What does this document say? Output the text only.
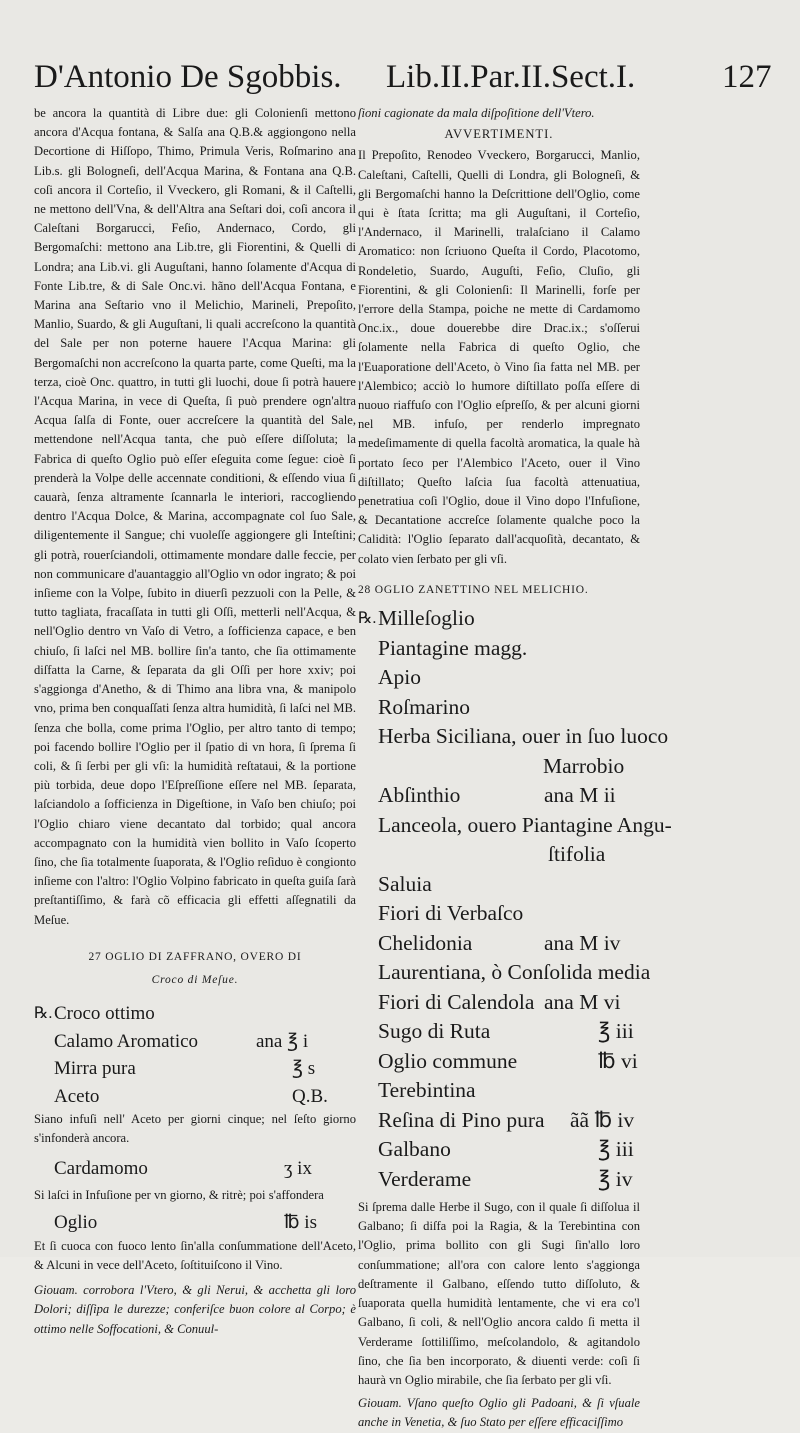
D'Antonio De Sgobbis. Lib.II.Par.II.Sect.I.	127

be ancora la quantità di Libre due: gli Colonienſi mettono ancora d'Acqua fontana, & Salſa ana Q.B.& aggiongono nella Decortione di Hiſſopo, Thimo, Primula Veris, Roſmarino ana Lib.s. gli Bologneſi, dell'Acqua Marina, & Fontana ana Q.B. coſi ancora il Corteſio, il Vveckero, gli Romani, & il Caſtelli, ne mettono dell'Vna, & dell'Altra ana Seſtari doi, coſi ancora il Caleſtani Borgarucci, Feſio, Andernaco, Cordo, gli Bergomaſchi: mettono ana Lib.tre, gli Fiorentini, & Quelli di Londra; ana Lib.vi. gli Auguſtani, hanno ſolamente d'Acqua di Fonte Lib.tre, & di Sale Onc.vi. hãno dell'Acqua Fontana, e Marina ana Seſtario vno il Melichio, Marineli, Prepoſito, Manlio, Suardo, & gli Auguſtani, li quali accreſcono la quantità del Sale per non poterne hauere l'Acqua Marina: gli Bergomaſchi non accreſcono la quarta parte, come Queſti, ma la terza, cioè Onc. quattro, in tutti gli luochi, doue ſi potrà hauere l'Acqua Marina, in vece di Queſta, ſi può prendere ogn'altra Acqua ſalſa di Fonte, ouer accreſcere la quantità del Sale, mettendone nell'Acqua tanta, che può eſſere diſſoluta; la Fabrica di queſto Oglio può eſſer eſeguita come ſegue: cioè ſi prenderà la Volpe delle accennate conditioni, & eſſendo viua ſi cauarà, ſenza altramente ſcannarla le interiori, raccogliendo dentro l'Acqua Dolce, & Marina, accompagnate col ſuo Sale, diligentemente il Sangue; chi vuoleſſe aggiongere gli Inteſtini; gli potrà, rouerſciandoli, ottimamente mondare dalle feccie, per non communicare d'auantaggio all'Oglio vn odor ingrato; & poi inſieme con la Volpe, ſubito in diuerſi pezzuoli con la Pelle, & tutto tagliata, fracaſſata in tutti gli Oſſi, metterli nell'Acqua, & nell'Oglio dentro vn Vaſo di Vetro, a ſofficienza capace, e ben chiuſo, ſi laſci nel MB. bollire ſin'a tanto, che ſia ottimamente diſfatta la Carne, & ſeparata da gli Oſſi per hore xxiv; poi s'aggionga d'Anetho, & di Thimo ana libra vna, & manipolo vno, prima ben conquaſſati ſenza altra humidità, ſi laſci nel MB. ſenza che bolla, come prima l'Oglio, per altro tanto di tempo; poi facendo bollire l'Oglio per il ſpatio di vn hora, ſi ſprema ſi coli, & ſi ſerbi per gli vſi: la humidità reſtataui, & la portione più torbida, deue dopo l'Eſpreſſione eſſere nel MB. ſeparata, laſciandolo a ſofficienza in Digeſtione, in Vaſo ben chiuſo; poi l'Oglio chiaro viene decantato dal torbido; qual ancora accompagnato con la humidità vien bollito in Vaſo ſcoperto ſino, che ſia totalmente ſuaporata, & l'Oglio reſiduo è congionto inſieme con l'altro: l'Oglio Volpino fabricato in queſta guiſa ſarà preſtantiſſimo, & farà cõ efficacia gli effetti aſſegnatili da Meſue.

27 OGLIO DI ZAFFRANO, OVERO DI
Croco di Meſue.
℞. Croco ottimo
Calamo Aromatico	ana ℥ i
Mirra pura	℥ s
Aceto	Q.B.

Siano infuſi nell' Aceto per giorni cinque; nel ſeſto giorno s'infonderà ancora.

Cardamomo	ʒ ix

Si laſci in Infuſione per vn giorno, & ritrè; poi s'affondera

Oglio	℔ is

Et ſi cuoca con fuoco lento ſin'alla conſummatione dell'Aceto, & Alcuni in vece dell'Aceto, ſoſtituiſcono il Vino.

Giouam. corrobora l'Vtero, & gli Nerui, & acchetta gli loro Dolori; diſſipa le durezze; conferiſce buon colore al Corpo; è ottimo nelle Soffocationi, & Conuul-

ſioni cagionate da mala diſpoſitione dell'Vtero.

AVVERTIMENTI.

Il Prepoſito, Renodeo Vveckero, Borgarucci, Manlio, Caleſtani, Caſtelli, Quelli di Londra, gli Bologneſi, & gli Bergomaſchi hanno la Deſcrittione dell'Oglio, come qui è ſtata ſcritta; ma gli Auguſtani, il Corteſio, l'Andernaco, il Marinelli, tralaſciano il Calamo Aromatico: non ſcriuono Queſta il Cordo, Placotomo, Rondeletio, Suardo, Auguſti, Feſio, Cluſio, gli Fiorentini, & gli Colonienſi: Il Marinelli, forſe per l'errore della Stampa, poiche ne mette di Cardamomo Onc.ix., doue douerebbe dire Drac.ix.; s'oſſerui ſolamente nella Fabrica di queſto Oglio, che l'Euaporatione dell'Aceto, ò Vino ſia fatta nel MB. per l'Alembico; acciò lo humore diſtillato poſſa eſſere di nuouo riaffuſo con l'Oglio eſpreſſo, & per alcuni giorni nel MB. infuſo, per renderlo impregnato medeſimamente di quella facoltà aromatica, la quale hà portato ſeco per l'Alembico l'Aceto, ouer il Vino diſtillato; Queſto laſcia ſua facoltà attenuatiua, penetratiua coſi l'Oglio, doue il Vino dopo l'Infuſione, & Decantatione accreſce ſolamente qualche poco la Calidità: l'Oglio ſeparato dall'acquoſità, decantato, & colato vien ſerbato per gli vſi.

28 OGLIO ZANETTINO NEL MELICHIO.
℞. Milleſoglio
Piantagine magg.
Apio
Roſmarino
Herba Siciliana, ouer in ſuo luoco
Marrobio
Abſinthio	ana M ii
Lanceola, ouero Piantagine Angu-
ſtifolia
Saluia
Fiori di Verbaſco
Chelidonia	ana M iv
Laurentiana, ò Conſolida media
Fiori di Calendola ana M vi
Sugo di Ruta	℥ iii
Oglio commune	℔ vi
Terebintina
Reſina di Pino pura ãã ℔ iv
Galbano	℥ iii
Verderame	℥ iv

Si ſprema dalle Herbe il Sugo, con il quale ſi diſſolua il Galbano; ſi diſfa poi la Ragia, & la Terebintina con l'Oglio, prima bollito con gli Sugi ſin'allo loro conſummatione; all'ora con calore lento s'aggionga deſtramente il Galbano, eſſendo tutto diſſoluto, & ſuaporata quella humidità lentamente, che vi era co'l Galbano, ſi coli, & nell'Oglio ancora caldo ſi metta il Verderame ſottiliſſimo, meſcolandolo, & agitandolo ſino, che ſia ben incorporato, & diuenti verde: coſi ſi haurà vn Oglio mirabile, che ſia ſerbato per gli vſi.

Giouam. Vſano queſto Oglio gli Padoani, & ſi vſuale anche in Venetia, & ſuo Stato per eſſere efficaciſſimo
